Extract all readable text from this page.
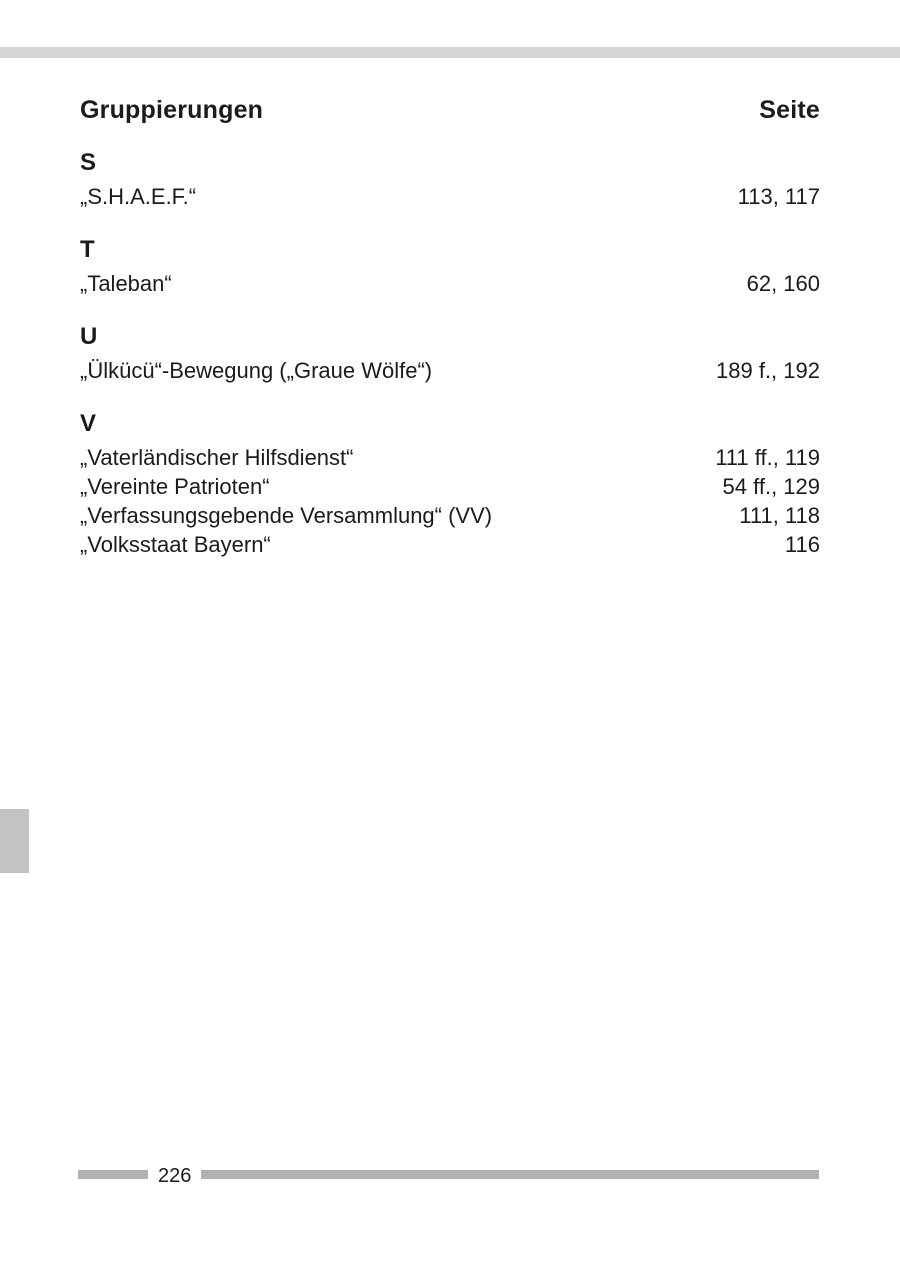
Gruppierungen	Seite
S
„S.H.A.E.F.“	113, 117
T
„Taleban“	62, 160
U
„Ülkücü“-Bewegung („Graue Wölfe“)	189 f., 192
V
„Vaterländischer Hilfsdienst“	111 ff., 119
„Vereinte Patrioten“	54 ff., 129
„Verfassungsgebende Versammlung“ (VV)	111, 118
„Volksstaat Bayern“	116
226
